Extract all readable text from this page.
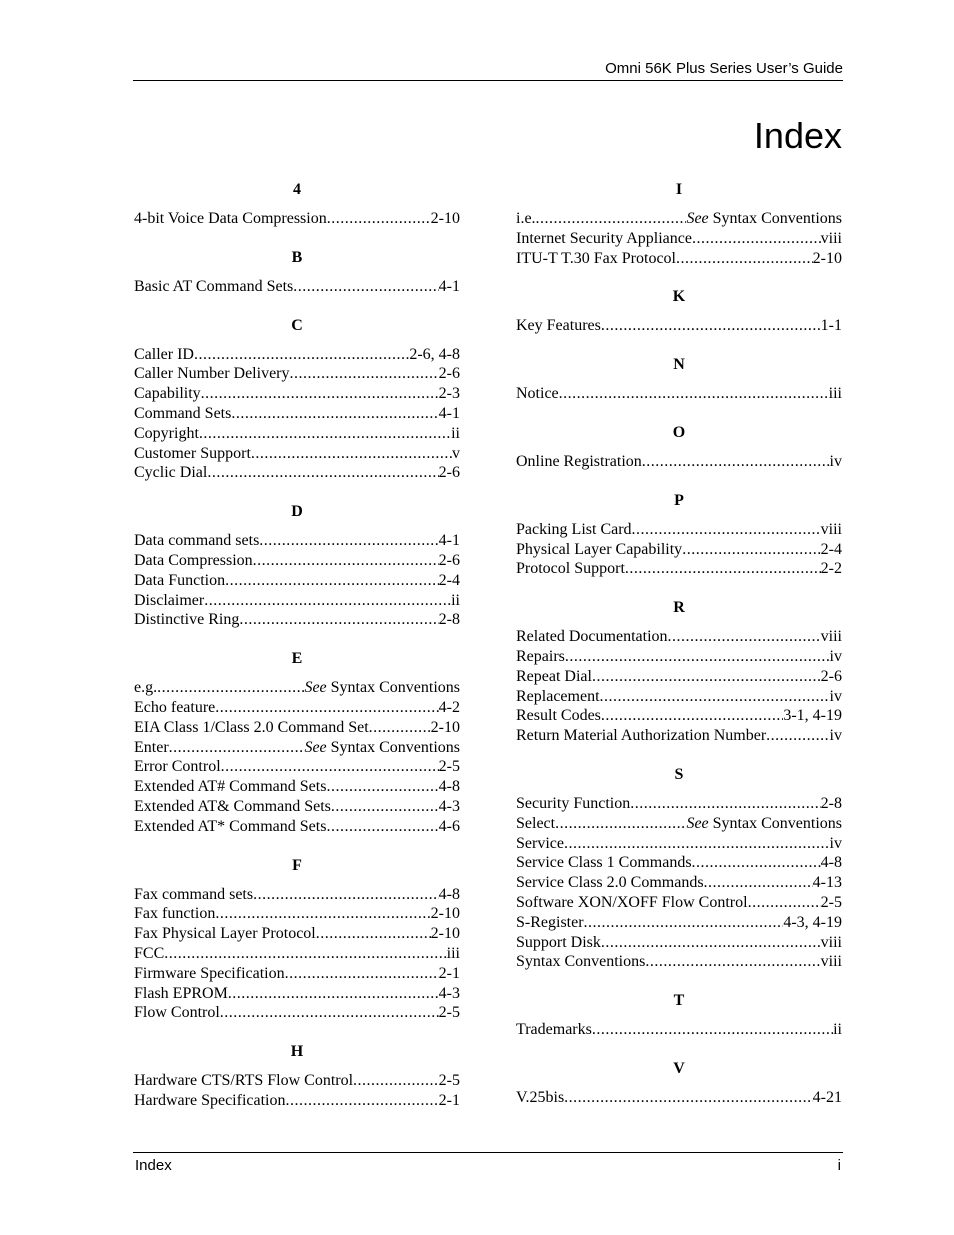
Omni 56K Plus Series User’s Guide
Index
4
4-bit Voice Data Compression .....	2-10
B
Basic AT Command Sets .....	4-1
C
Caller ID .....	2-6, 4-8
Caller Number Delivery .....	2-6
Capability .....	2-3
Command Sets .....	4-1
Copyright .....	ii
Customer Support .....	v
Cyclic Dial .....	2-6
D
Data command sets .....	4-1
Data Compression .....	2-6
Data Function .....	2-4
Disclaimer .....	ii
Distinctive Ring .....	2-8
E
e.g. .....	See Syntax Conventions
Echo feature .....	4-2
EIA Class 1/Class 2.0 Command Set .....	2-10
Enter .....	See Syntax Conventions
Error Control .....	2-5
Extended AT# Command Sets .....	4-8
Extended AT& Command Sets .....	4-3
Extended AT* Command Sets .....	4-6
F
Fax command sets .....	4-8
Fax function .....	2-10
Fax Physical Layer Protocol .....	2-10
FCC .....	iii
Firmware Specification .....	2-1
Flash EPROM .....	4-3
Flow Control .....	2-5
H
Hardware CTS/RTS Flow Control .....	2-5
Hardware Specification .....	2-1
I
i.e. .....	See Syntax Conventions
Internet Security Appliance .....	viii
ITU-T T.30 Fax Protocol .....	2-10
K
Key Features .....	1-1
N
Notice .....	iii
O
Online Registration .....	iv
P
Packing List Card .....	viii
Physical Layer Capability .....	2-4
Protocol Support .....	2-2
R
Related Documentation .....	viii
Repairs .....	iv
Repeat Dial .....	2-6
Replacement .....	iv
Result Codes .....	3-1, 4-19
Return Material Authorization Number .....	iv
S
Security Function .....	2-8
Select .....	See Syntax Conventions
Service .....	iv
Service Class 1 Commands .....	4-8
Service Class 2.0 Commands .....	4-13
Software XON/XOFF Flow Control .....	2-5
S-Register .....	4-3, 4-19
Support Disk .....	viii
Syntax Conventions .....	viii
T
Trademarks .....	ii
V
V.25bis .....	4-21
Index	i
